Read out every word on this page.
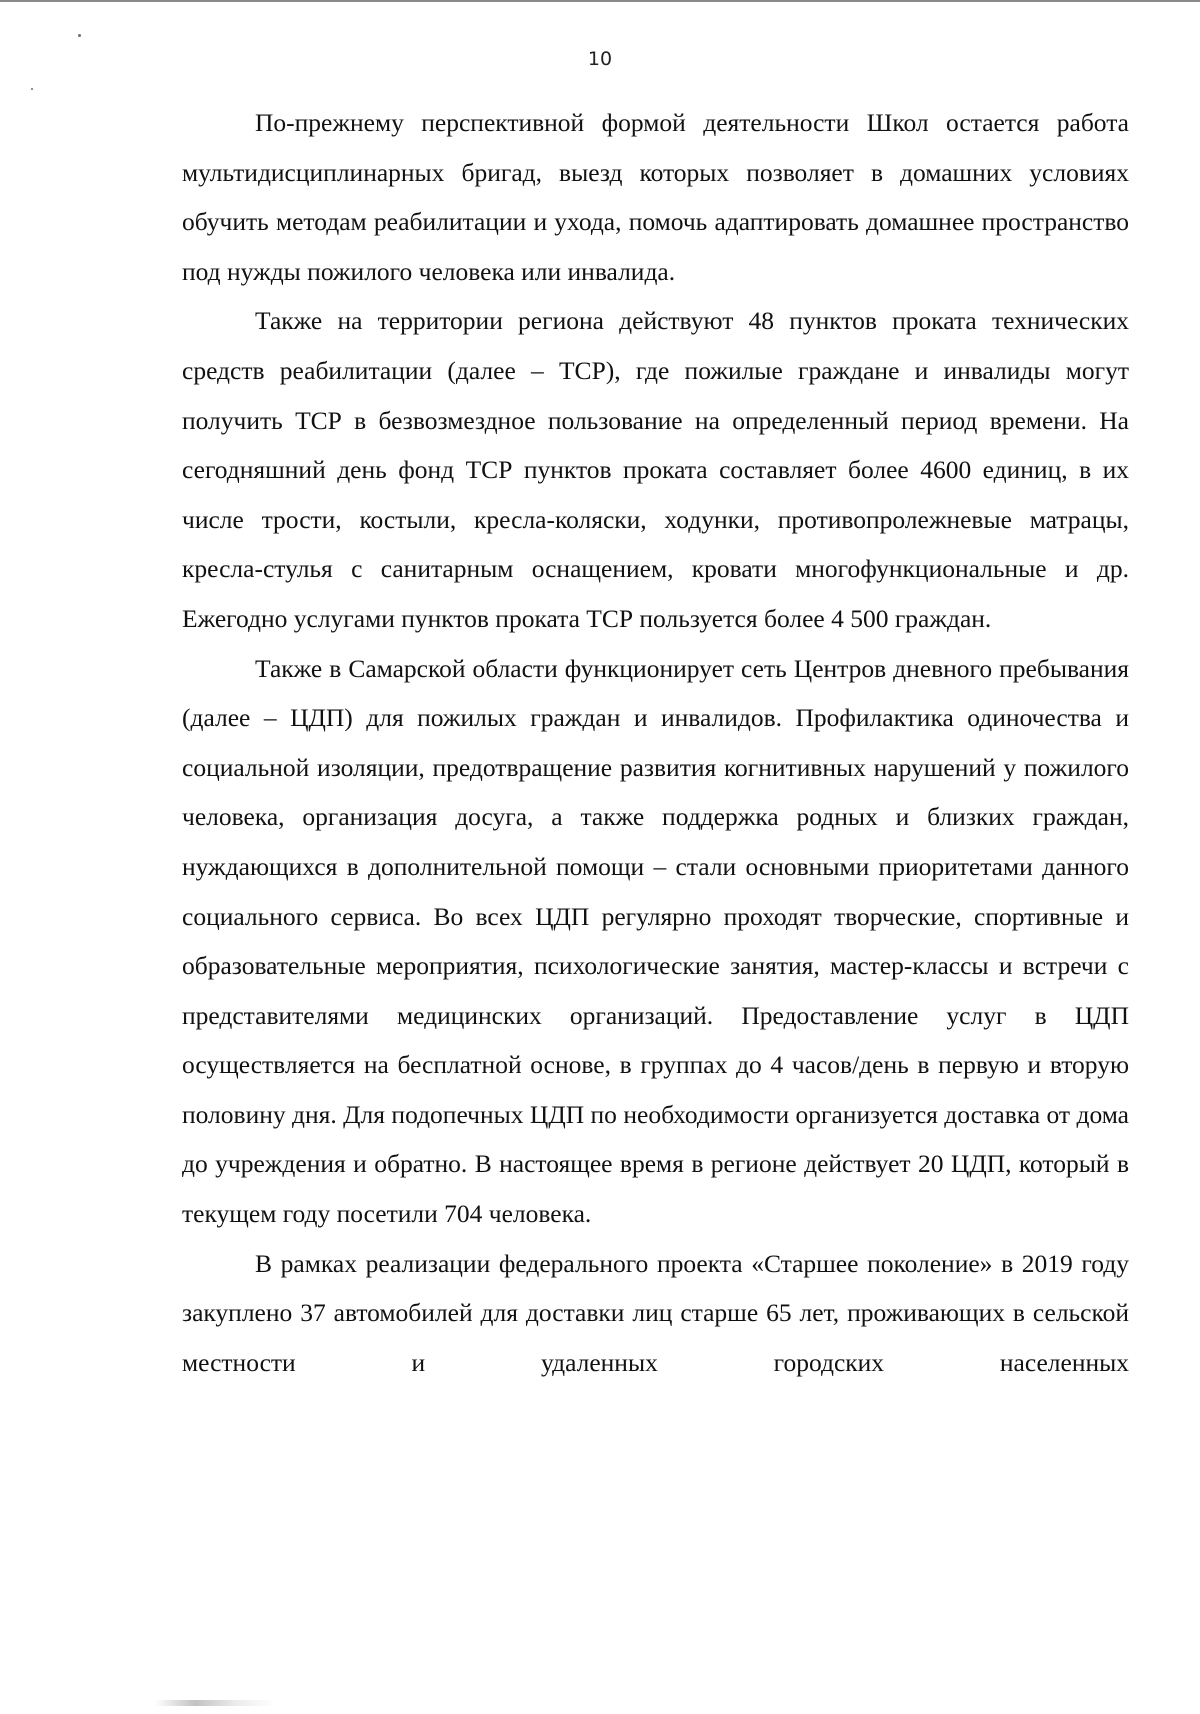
10

По-прежнему перспективной формой деятельности Школ остается работа мультидисциплинарных бригад, выезд которых позволяет в домашних условиях обучить методам реабилитации и ухода, помочь адаптировать домашнее пространство под нужды пожилого человека или инвалида.

Также на территории региона действуют 48 пунктов проката технических средств реабилитации (далее – ТСР), где пожилые граждане и инвалиды могут получить ТСР в безвозмездное пользование на определенный период времени. На сегодняшний день фонд ТСР пунктов проката составляет более 4600 единиц, в их числе трости, костыли, кресла-коляски, ходунки, противопролежневые матрацы, кресла-стулья с санитарным оснащением, кровати многофункциональные и др. Ежегодно услугами пунктов проката ТСР пользуется более 4 500 граждан.

Также в Самарской области функционирует сеть Центров дневного пребывания (далее – ЦДП) для пожилых граждан и инвалидов. Профилактика одиночества и социальной изоляции, предотвращение развития когнитивных нарушений у пожилого человека, организация досуга, а также поддержка родных и близких граждан, нуждающихся в дополнительной помощи – стали основными приоритетами данного социального сервиса. Во всех ЦДП регулярно проходят творческие, спортивные и образовательные мероприятия, психологические занятия, мастер-классы и встречи с представителями медицинских организаций. Предоставление услуг в ЦДП осуществляется на бесплатной основе, в группах до 4 часов/день в первую и вторую половину дня. Для подопечных ЦДП по необходимости организуется доставка от дома до учреждения и обратно. В настоящее время в регионе действует 20 ЦДП, который в текущем году посетили 704 человека.

В рамках реализации федерального проекта «Старшее поколение» в 2019 году закуплено 37 автомобилей для доставки лиц старше 65 лет, проживающих в сельской местности и удаленных городских населенных
